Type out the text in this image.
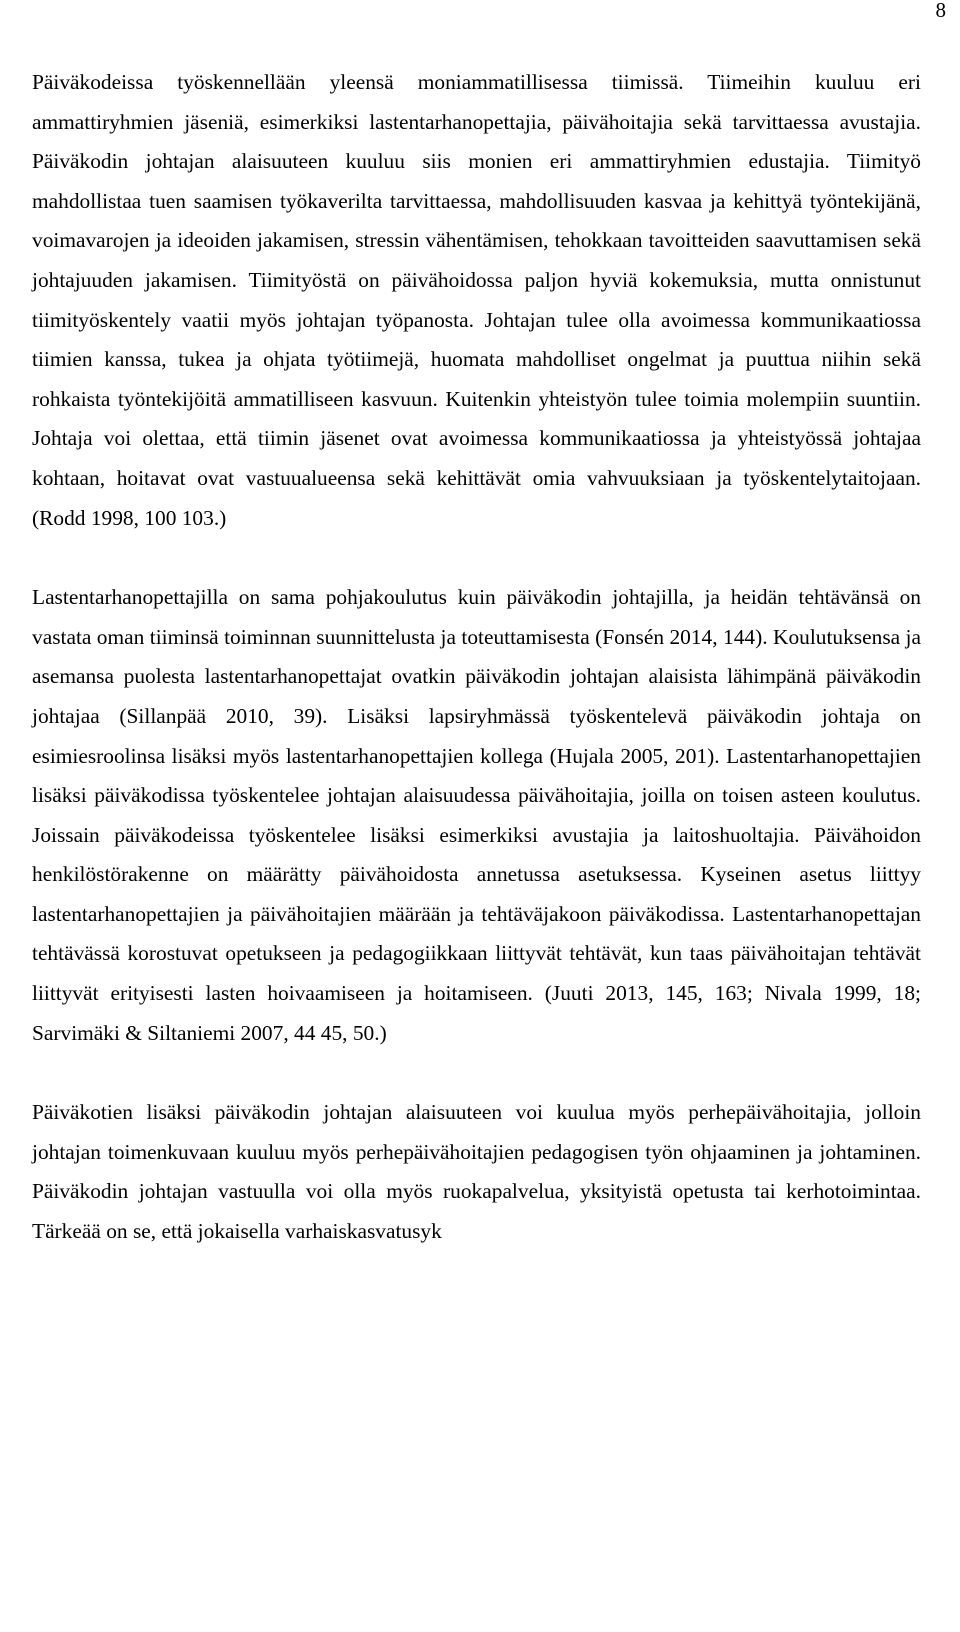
8

Päiväkodeissa työskennellään yleensä moniammatillisessa tiimissä. Tiimeihin kuuluu eri ammattiryhmien jäseniä, esimerkiksi lastentarhanopettajia, päivähoitajia sekä tarvittaessa avustajia. Päiväkodin johtajan alaisuuteen kuuluu siis monien eri ammattiryhmien edustajia. Tiimityö mahdollistaa tuen saamisen työkaverilta tarvittaessa, mahdollisuuden kasvaa ja kehittyä työntekijänä, voimavarojen ja ideoiden jakamisen, stressin vähentämisen, tehokkaan tavoitteiden saavuttamisen sekä johtajuuden jakamisen. Tiimityöstä on päivähoidossa paljon hyviä kokemuksia, mutta onnistunut tiimityöskentely vaatii myös johtajan työpanosta. Johtajan tulee olla avoimessa kommunikaatiossa tiimien kanssa, tukea ja ohjata työtiimejä, huomata mahdolliset ongelmat ja puuttua niihin sekä rohkaista työntekijöitä ammatilliseen kasvuun. Kuitenkin yhteistyön tulee toimia molempiin suuntiin. Johtaja voi olettaa, että tiimin jäsenet ovat avoimessa kommunikaatiossa ja yhteistyössä johtajaa kohtaan, hoitavat ovat vastuualueensa sekä kehittävät omia vahvuuksiaan ja työskentelytaitojaan. (Rodd 1998, 100 103.)

Lastentarhanopettajilla on sama pohjakoulutus kuin päiväkodin johtajilla, ja heidän tehtävänsä on vastata oman tiiminsä toiminnan suunnittelusta ja toteuttamisesta (Fonsén 2014, 144). Koulutuksensa ja asemansa puolesta lastentarhanopettajat ovatkin päiväkodin johtajan alaisista lähimpänä päiväkodin johtajaa (Sillanpää 2010, 39). Lisäksi lapsiryhmässä työskentelevä päiväkodin johtaja on esimiesroolinsa lisäksi myös lastentarhanopettajien kollega (Hujala 2005, 201). Lastentarhanopettajien lisäksi päiväkodissa työskentelee johtajan alaisuudessa päivähoitajia, joilla on toisen asteen koulutus. Joissain päiväkodeissa työskentelee lisäksi esimerkiksi avustajia ja laitoshuoltajia. Päivähoidon henkilöstörakenne on määrätty päivähoidosta annetussa asetuksessa. Kyseinen asetus liittyy lastentarhanopettajien ja päivähoitajien määrään ja tehtäväjakoon päiväkodissa. Lastentarhanopettajan tehtävässä korostuvat opetukseen ja pedagogiikkaan liittyvät tehtävät, kun taas päivähoitajan tehtävät liittyvät erityisesti lasten hoivaamiseen ja hoitamiseen. (Juuti 2013, 145, 163; Nivala 1999, 18; Sarvimäki & Siltaniemi 2007, 44 45, 50.)

Päiväkotien lisäksi päiväkodin johtajan alaisuuteen voi kuulua myös perhepäivähoitajia, jolloin johtajan toimenkuvaan kuuluu myös perhepäivähoitajien pedagogisen työn ohjaaminen ja johtaminen. Päiväkodin johtajan vastuulla voi olla myös ruokapalvelua, yksityistä opetusta tai kerhotoimintaa. Tärkeää on se, että jokaisella varhaiskasvatusyk
